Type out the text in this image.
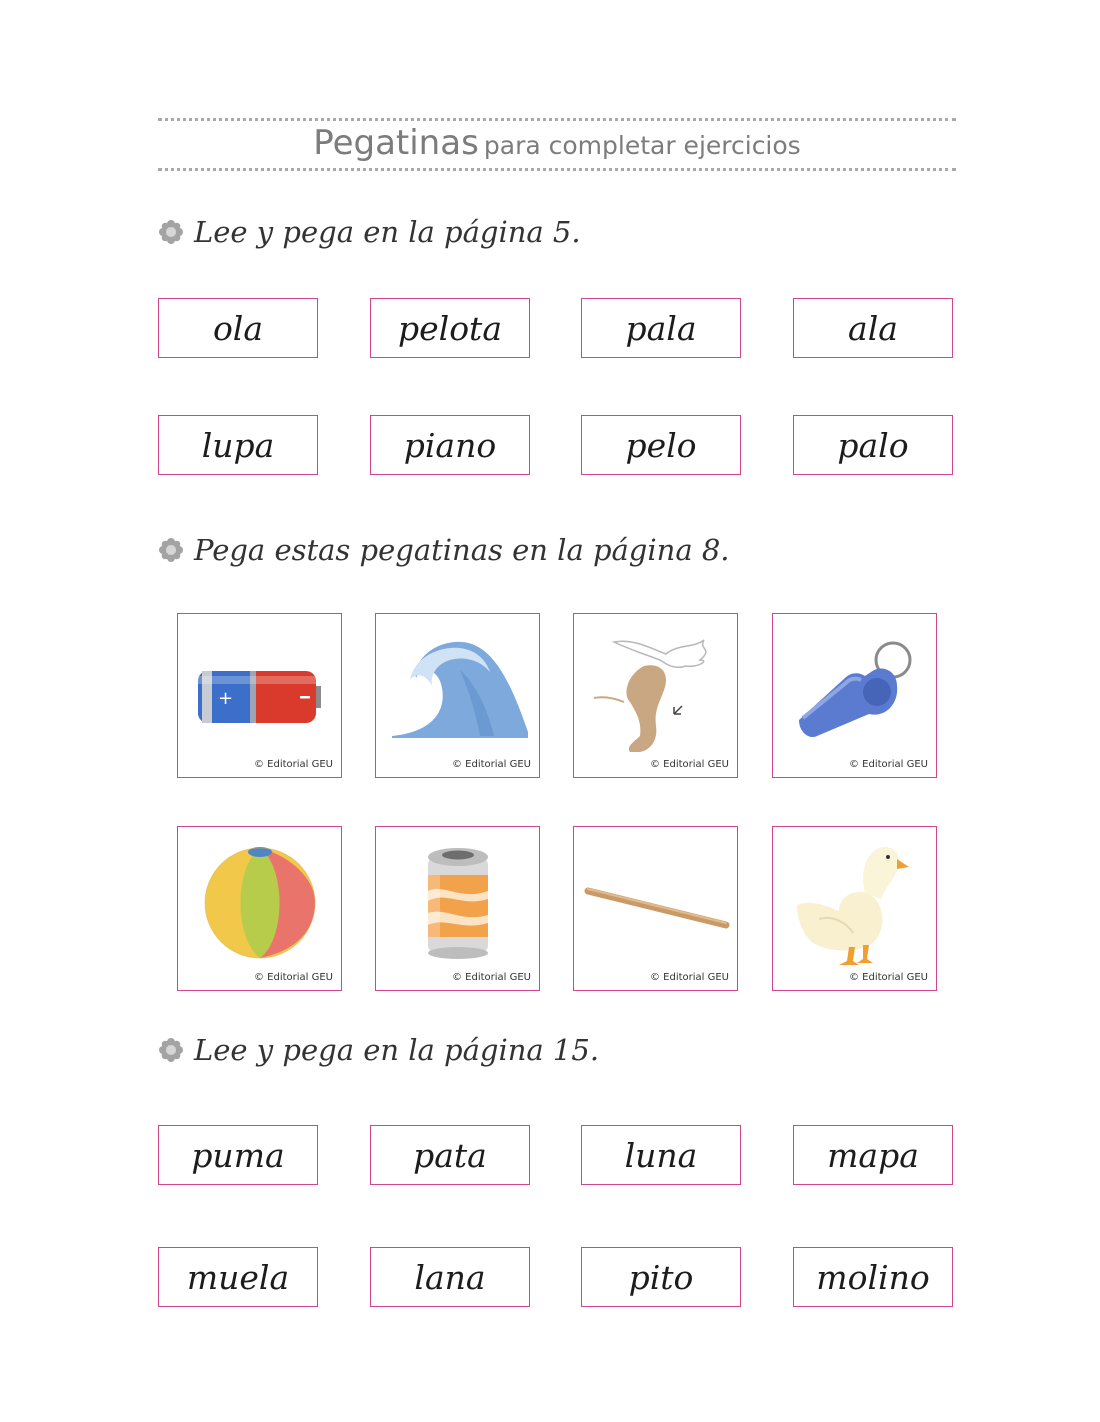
Pegatinas para completar ejercicios
Lee y pega en la página 5.
ola	pelota	pala	ala
lupa	piano	pelo	palo
Pega estas pegatinas en la página 8.
+
© Editorial GEU	© Editorial GEU	© Editorial GEU	© Editorial GEU
© Editorial GEU	© Editorial GEU	© Editorial GEU	© Editorial GEU
Lee y pega en la página 15.
puma	pata	luna	mapa
muela	lana	pito	molino
